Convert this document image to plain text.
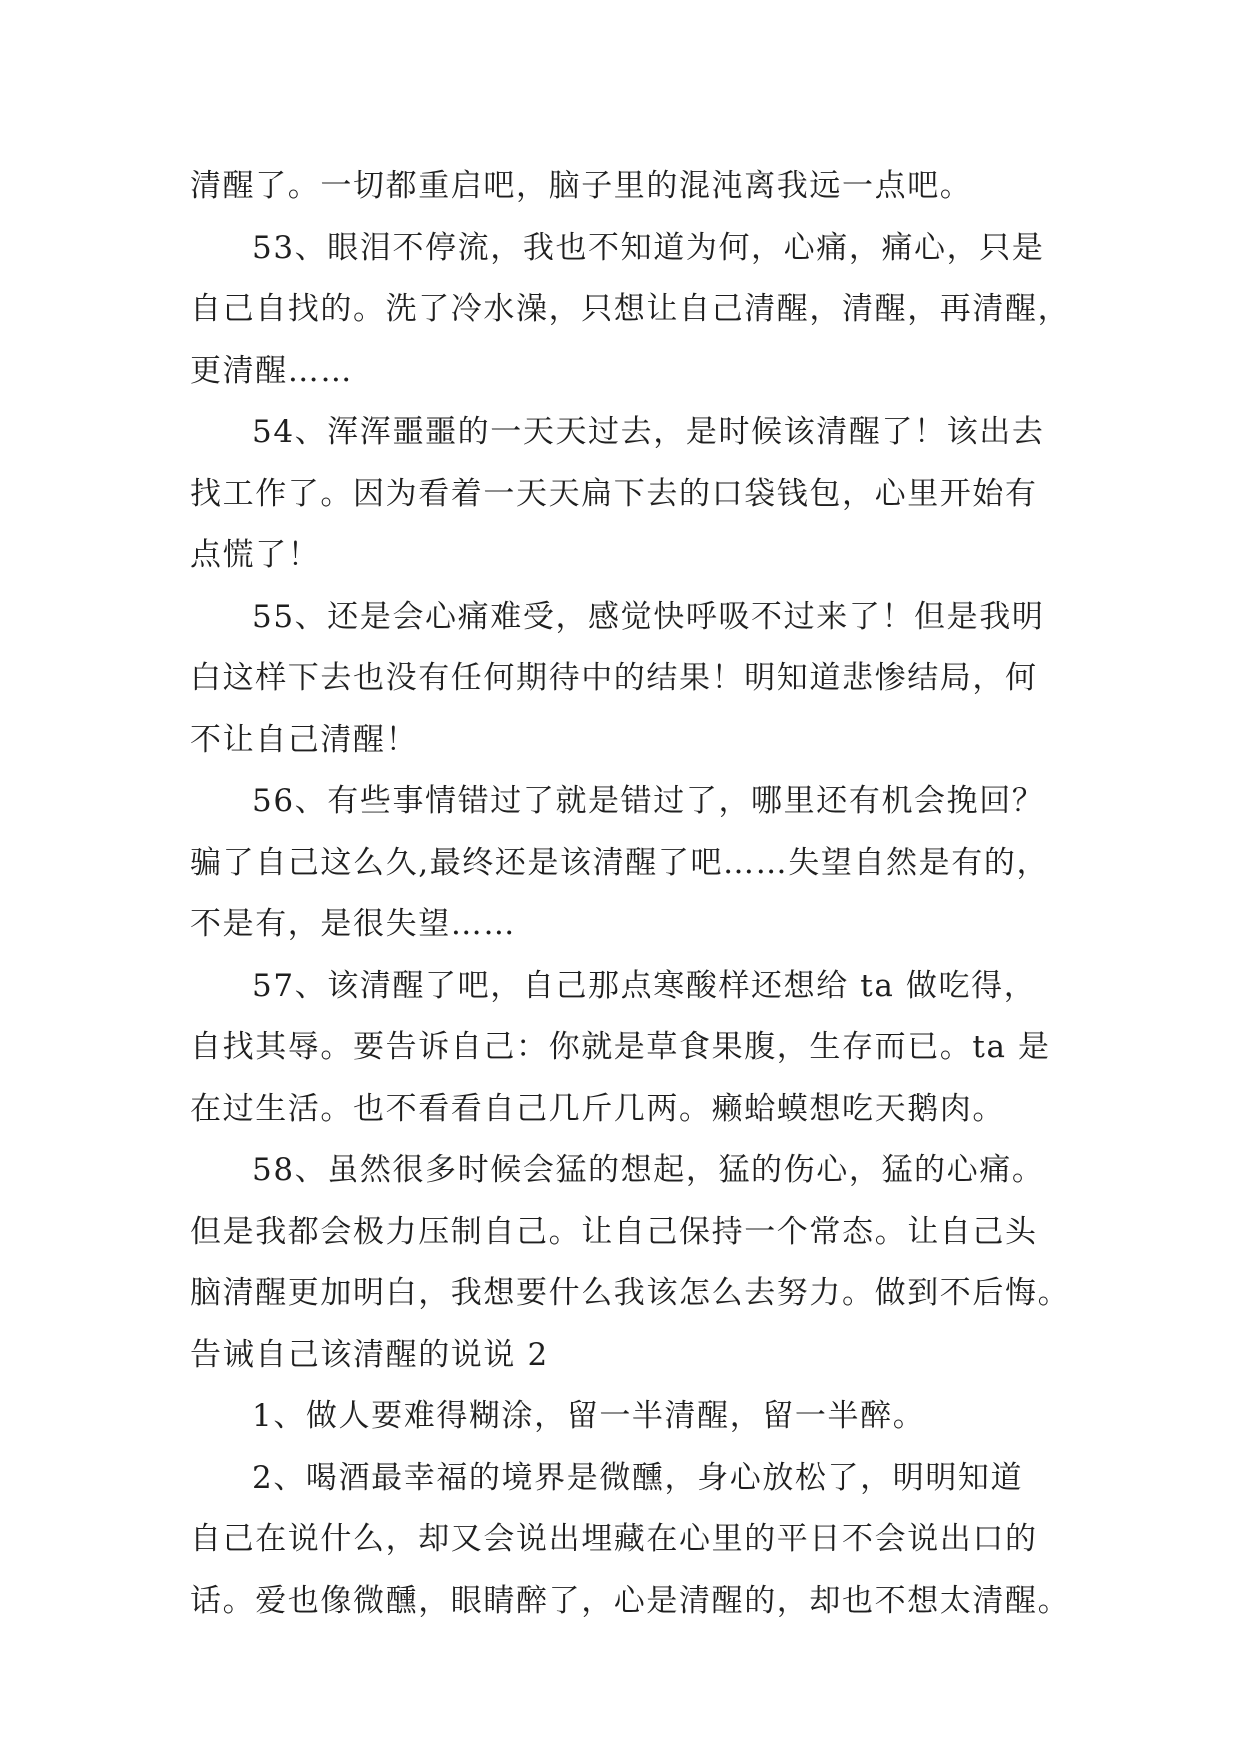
清醒了。一切都重启吧，脑子里的混沌离我远一点吧。

53、眼泪不停流，我也不知道为何，心痛，痛心，只是

自己自找的。洗了冷水澡，只想让自己清醒，清醒，再清醒，

更清醒……

54、浑浑噩噩的一天天过去，是时候该清醒了！该出去

找工作了。因为看着一天天扁下去的口袋钱包，心里开始有

点慌了！

55、还是会心痛难受，感觉快呼吸不过来了！但是我明

白这样下去也没有任何期待中的结果！明知道悲惨结局，何

不让自己清醒！

56、有些事情错过了就是错过了，哪里还有机会挽回？

骗了自己这么久,最终还是该清醒了吧……失望自然是有的，

不是有，是很失望……

57、该清醒了吧，自己那点寒酸样还想给 ta 做吃得，

自找其辱。要告诉自己：你就是草食果腹，生存而已。ta 是

在过生活。也不看看自己几斤几两。癞蛤蟆想吃天鹅肉。

58、虽然很多时候会猛的想起，猛的伤心，猛的心痛。

但是我都会极力压制自己。让自己保持一个常态。让自己头

脑清醒更加明白，我想要什么我该怎么去努力。做到不后悔。

告诫自己该清醒的说说 2

1、做人要难得糊涂，留一半清醒，留一半醉。

2、喝酒最幸福的境界是微醺，身心放松了，明明知道

自己在说什么，却又会说出埋藏在心里的平日不会说出口的

话。爱也像微醺，眼睛醉了，心是清醒的，却也不想太清醒。
